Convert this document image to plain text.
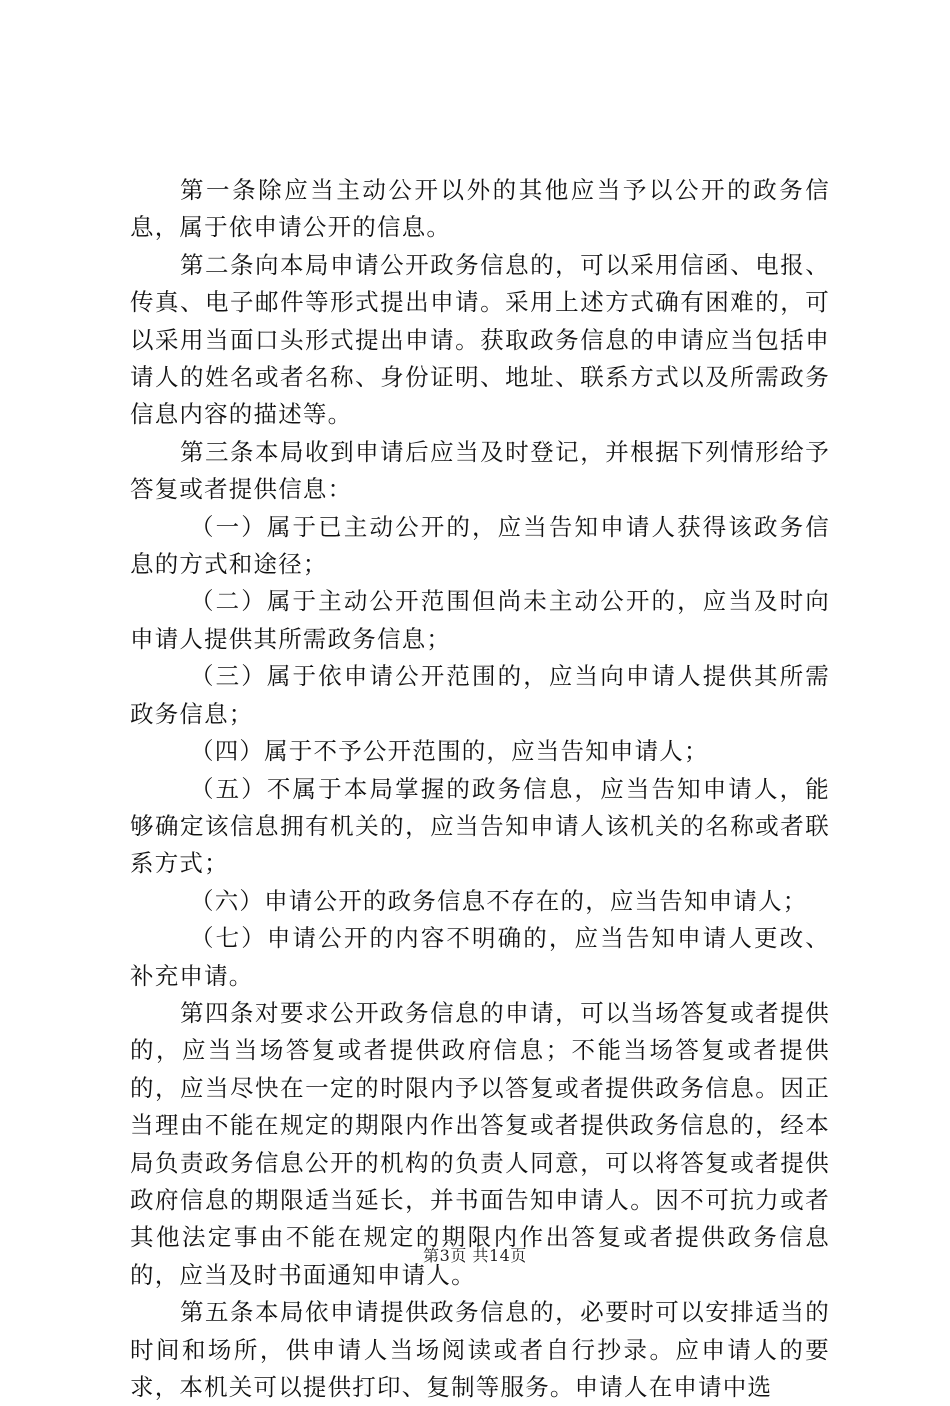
第一条除应当主动公开以外的其他应当予以公开的政务信息，属于依申请公开的信息。

第二条向本局申请公开政务信息的，可以采用信函、电报、传真、电子邮件等形式提出申请。采用上述方式确有困难的，可以采用当面口头形式提出申请。获取政务信息的申请应当包括申请人的姓名或者名称、身份证明、地址、联系方式以及所需政务信息内容的描述等。

第三条本局收到申请后应当及时登记，并根据下列情形给予答复或者提供信息：

（一）属于已主动公开的，应当告知申请人获得该政务信息的方式和途径；

（二）属于主动公开范围但尚未主动公开的，应当及时向申请人提供其所需政务信息；

（三）属于依申请公开范围的，应当向申请人提供其所需政务信息；

（四）属于不予公开范围的，应当告知申请人；

（五）不属于本局掌握的政务信息，应当告知申请人，能够确定该信息拥有机关的，应当告知申请人该机关的名称或者联系方式；

（六）申请公开的政务信息不存在的，应当告知申请人；

（七）申请公开的内容不明确的，应当告知申请人更改、补充申请。

第四条对要求公开政务信息的申请，可以当场答复或者提供的，应当当场答复或者提供政府信息；不能当场答复或者提供的，应当尽快在一定的时限内予以答复或者提供政务信息。因正当理由不能在规定的期限内作出答复或者提供政务信息的，经本局负责政务信息公开的机构的负责人同意，可以将答复或者提供政府信息的期限适当延长，并书面告知申请人。因不可抗力或者其他法定事由不能在规定的期限内作出答复或者提供政务信息的，应当及时书面通知申请人。

第五条本局依申请提供政务信息的，必要时可以安排适当的时间和场所，供申请人当场阅读或者自行抄录。应申请人的要求，本机关可以提供打印、复制等服务。申请人在申请中选

第3页 共14页
